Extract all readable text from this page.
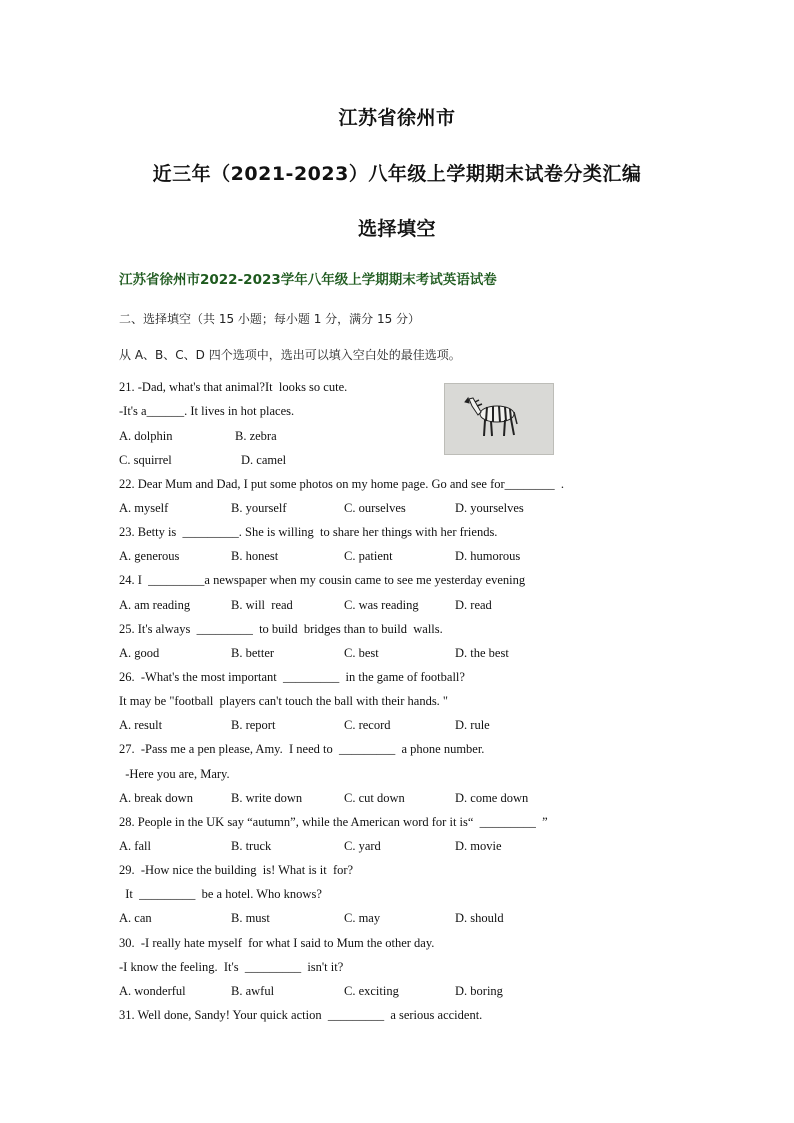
江苏省徐州市
近三年（2021-2023）八年级上学期期末试卷分类汇编
选择填空
江苏省徐州市2022-2023学年八年级上学期期末考试英语试卷
二、选择填空（共 15 小题；每小题 1 分，满分 15 分）
从 A、B、C、D 四个选项中，选出可以填入空白处的最佳选项。
21. -Dad, what's that animal?It  looks so cute.
-It's a______. It lives in hot places.
A. dolphin	B. zebra
C. squirrel	D. camel
22. Dear Mum and Dad, I put some photos on my home page. Go and see for________  .
A. myself	B. yourself	C. ourselves	D. yourselves
23. Betty is  _________. She is willing  to share her things with her friends.
A. generous	B. honest	C. patient	D. humorous
24. I  _________a newspaper when my cousin came to see me yesterday evening
A. am reading	B. will  read	C. was reading	D. read
25. It's always  _________  to build  bridges than to build  walls.
A. good	B. better	C. best	D. the best
26.  -What's the most important  _________  in the game of football?
It may be "football  players can't touch the ball with their hands. "
A. result	B. report	C. record	D. rule
27.  -Pass me a pen please, Amy.  I need to  _________  a phone number.
-Here you are, Mary.
A. break down	B. write down	C. cut down	D. come down
28. People in the UK say “autumn”, while the American word for it is“  _________  ”
A. fall	B. truck	C. yard	D. movie
29.  -How nice the building  is! What is it  for?
It  _________  be a hotel. Who knows?
A. can	B. must	C. may	D. should
30.  -I really hate myself  for what I said to Mum the other day.
-I know the feeling.  It's  _________  isn't it?
A. wonderful	B. awful	C. exciting	D. boring
31. Well done, Sandy! Your quick action  _________  a serious accident.
